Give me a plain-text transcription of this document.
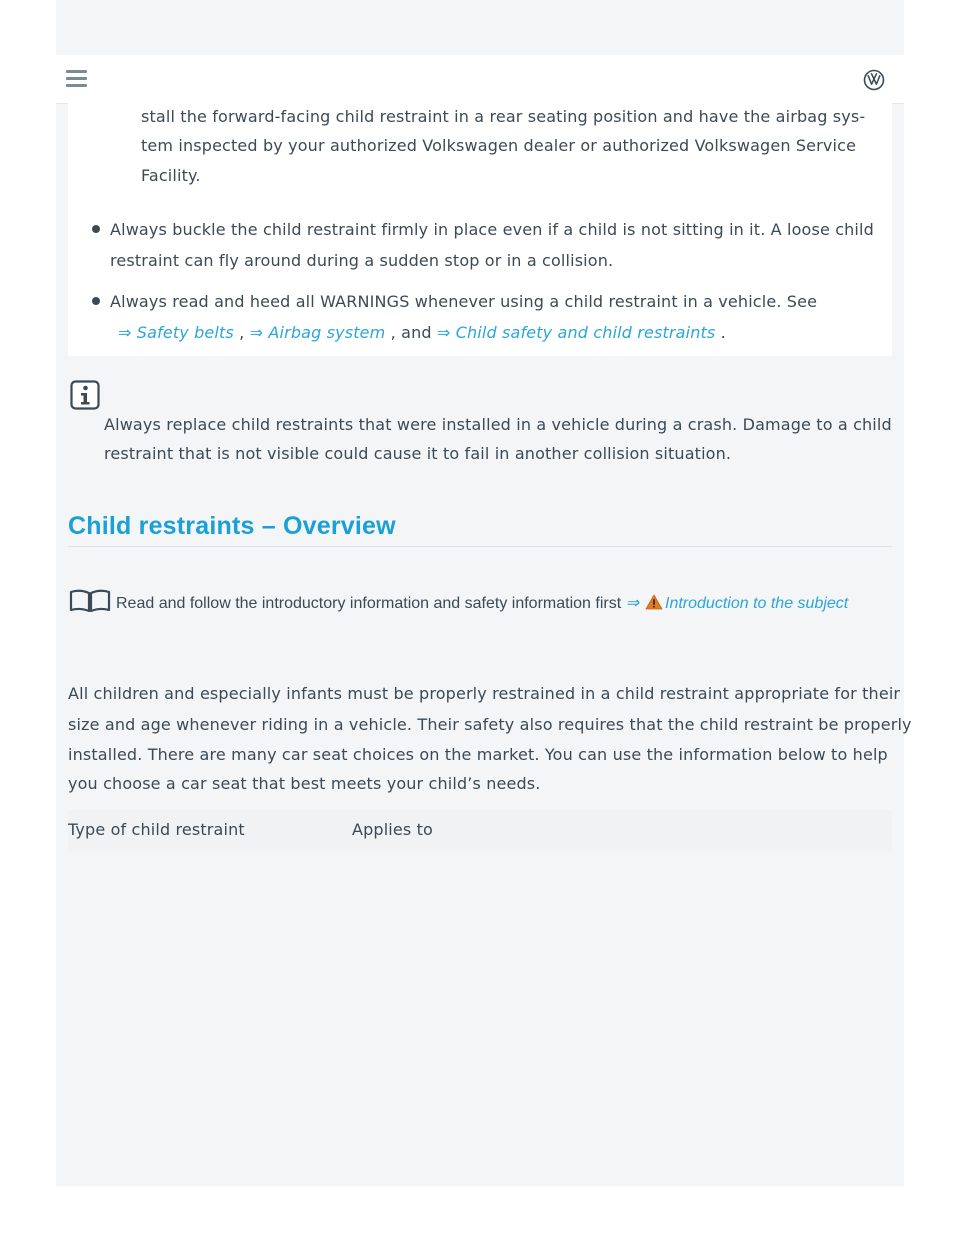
stall the forward-facing child restraint in a rear seating position and have the airbag sys-

tem inspected by your authorized Volkswagen dealer or authorized Volkswagen Service

Facility.

Always buckle the child restraint firmly in place even if a child is not sitting in it. A loose child

restraint can fly around during a sudden stop or in a collision.

Always read and heed all WARNINGS whenever using a child restraint in a vehicle. See

⇒ Safety belts , ⇒ Airbag system , and ⇒ Child safety and child restraints .

Always replace child restraints that were installed in a vehicle during a crash. Damage to a child

restraint that is not visible could cause it to fail in another collision situation.

Child restraints – Overview
Read and follow the introductory information and safety information first ⇒ Introduction to the subject

All children and especially infants must be properly restrained in a child restraint appropriate for their

size and age whenever riding in a vehicle. Their safety also requires that the child restraint be properly

installed. There are many car seat choices on the market. You can use the information below to help

you choose a car seat that best meets your child’s needs.

Type of child restraint	Applies to
